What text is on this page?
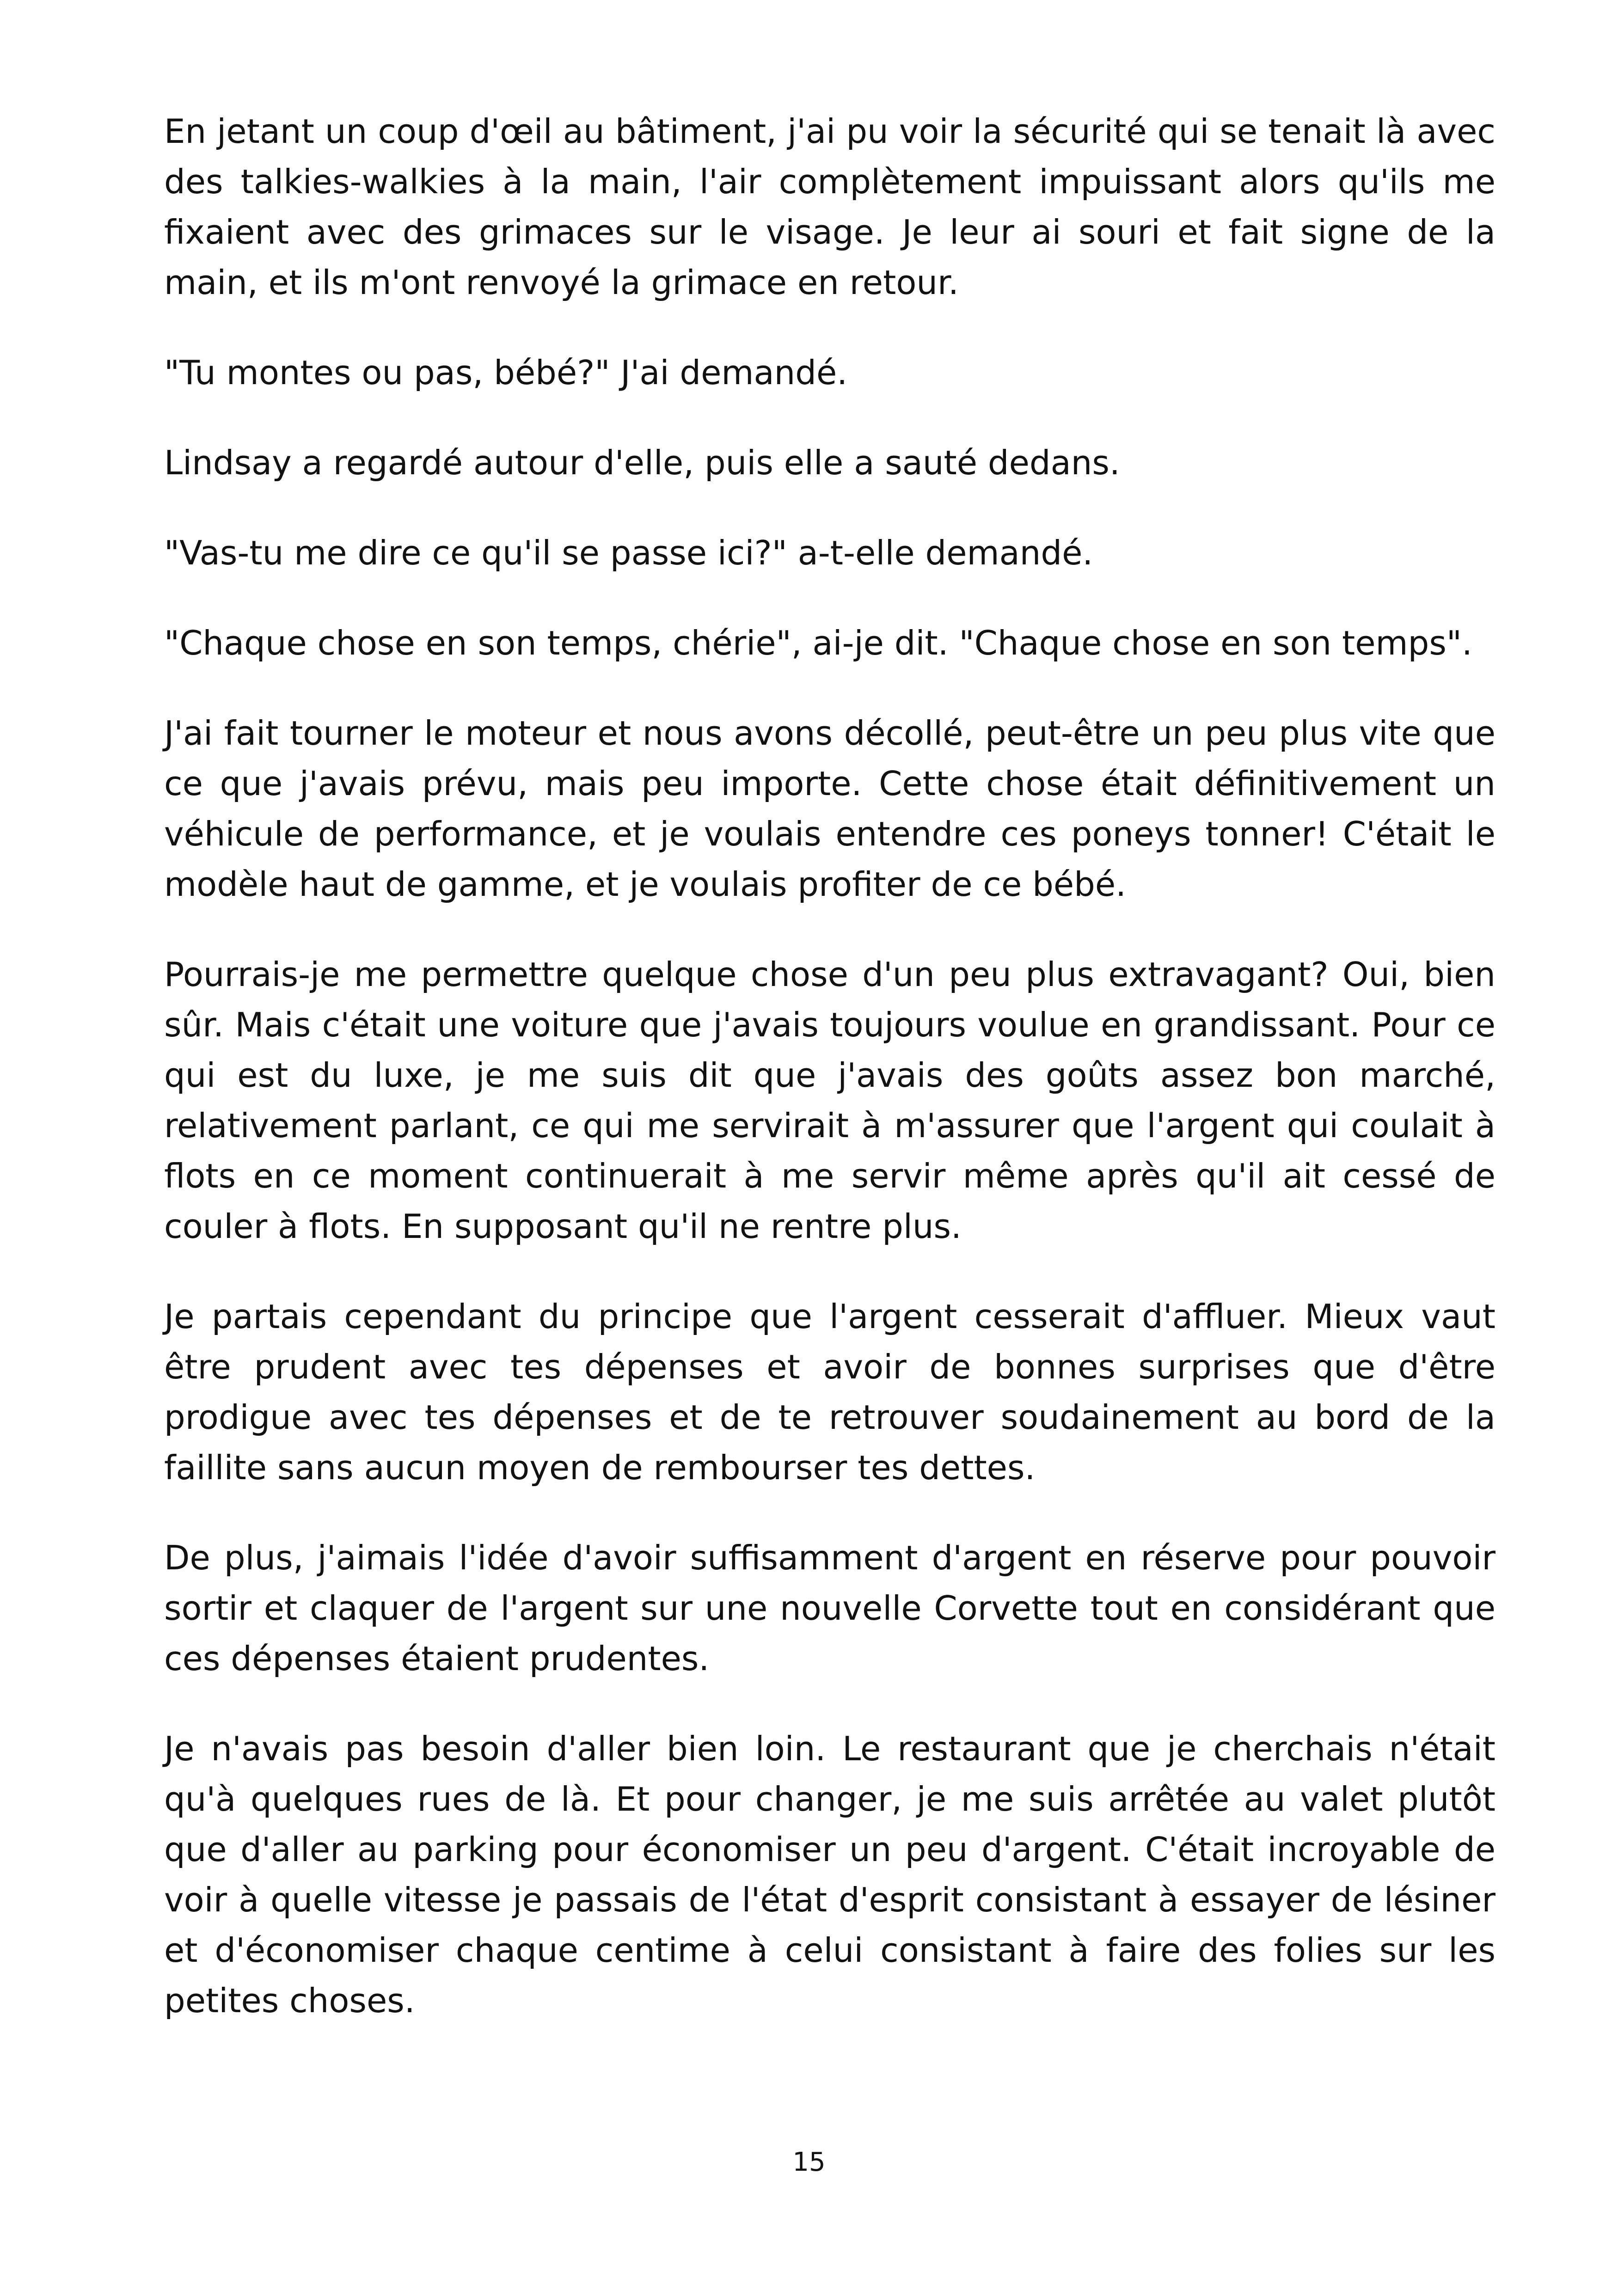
En jetant un coup d'œil au bâtiment, j'ai pu voir la sécurité qui se tenait là avec des talkies-walkies à la main, l'air complètement impuissant alors qu'ils me fixaient avec des grimaces sur le visage. Je leur ai souri et fait signe de la main, et ils m'ont renvoyé la grimace en retour.

"Tu montes ou pas, bébé?" J'ai demandé.

Lindsay a regardé autour d'elle, puis elle a sauté dedans.

"Vas-tu me dire ce qu'il se passe ici?" a-t-elle demandé.

"Chaque chose en son temps, chérie", ai-je dit. "Chaque chose en son temps".

J'ai fait tourner le moteur et nous avons décollé, peut-être un peu plus vite que ce que j'avais prévu, mais peu importe. Cette chose était définitivement un véhicule de performance, et je voulais entendre ces poneys tonner! C'était le modèle haut de gamme, et je voulais profiter de ce bébé.

Pourrais-je me permettre quelque chose d'un peu plus extravagant? Oui, bien sûr. Mais c'était une voiture que j'avais toujours voulue en grandissant. Pour ce qui est du luxe, je me suis dit que j'avais des goûts assez bon marché, relativement parlant, ce qui me servirait à m'assurer que l'argent qui coulait à flots en ce moment continuerait à me servir même après qu'il ait cessé de couler à flots. En supposant qu'il ne rentre plus.

Je partais cependant du principe que l'argent cesserait d'affluer. Mieux vaut être prudent avec tes dépenses et avoir de bonnes surprises que d'être prodigue avec tes dépenses et de te retrouver soudainement au bord de la faillite sans aucun moyen de rembourser tes dettes.

De plus, j'aimais l'idée d'avoir suffisamment d'argent en réserve pour pouvoir sortir et claquer de l'argent sur une nouvelle Corvette tout en considérant que ces dépenses étaient prudentes.

Je n'avais pas besoin d'aller bien loin. Le restaurant que je cherchais n'était qu'à quelques rues de là. Et pour changer, je me suis arrêtée au valet plutôt que d'aller au parking pour économiser un peu d'argent. C'était incroyable de voir à quelle vitesse je passais de l'état d'esprit consistant à essayer de lésiner et d'économiser chaque centime à celui consistant à faire des folies sur les petites choses.

15
